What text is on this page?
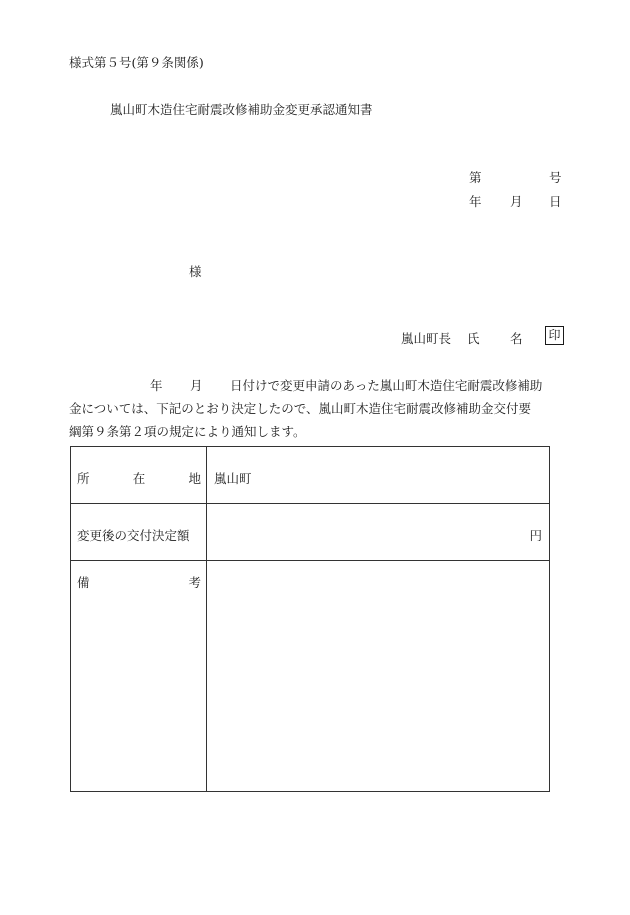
様式第５号(第９条関係)
嵐山町木造住宅耐震改修補助金変更承認通知書
第	号
年 月 日
様
嵐山町長 氏 名 印
年 月 日付けで変更申請のあった嵐山町木造住宅耐震改修補助
金については、下記のとおり決定したので、嵐山町木造住宅耐震改修補助金交付要
綱第９条第２項の規定により通知します。
所	在	地 嵐山町
変更後の交付決定額	円
備	考
